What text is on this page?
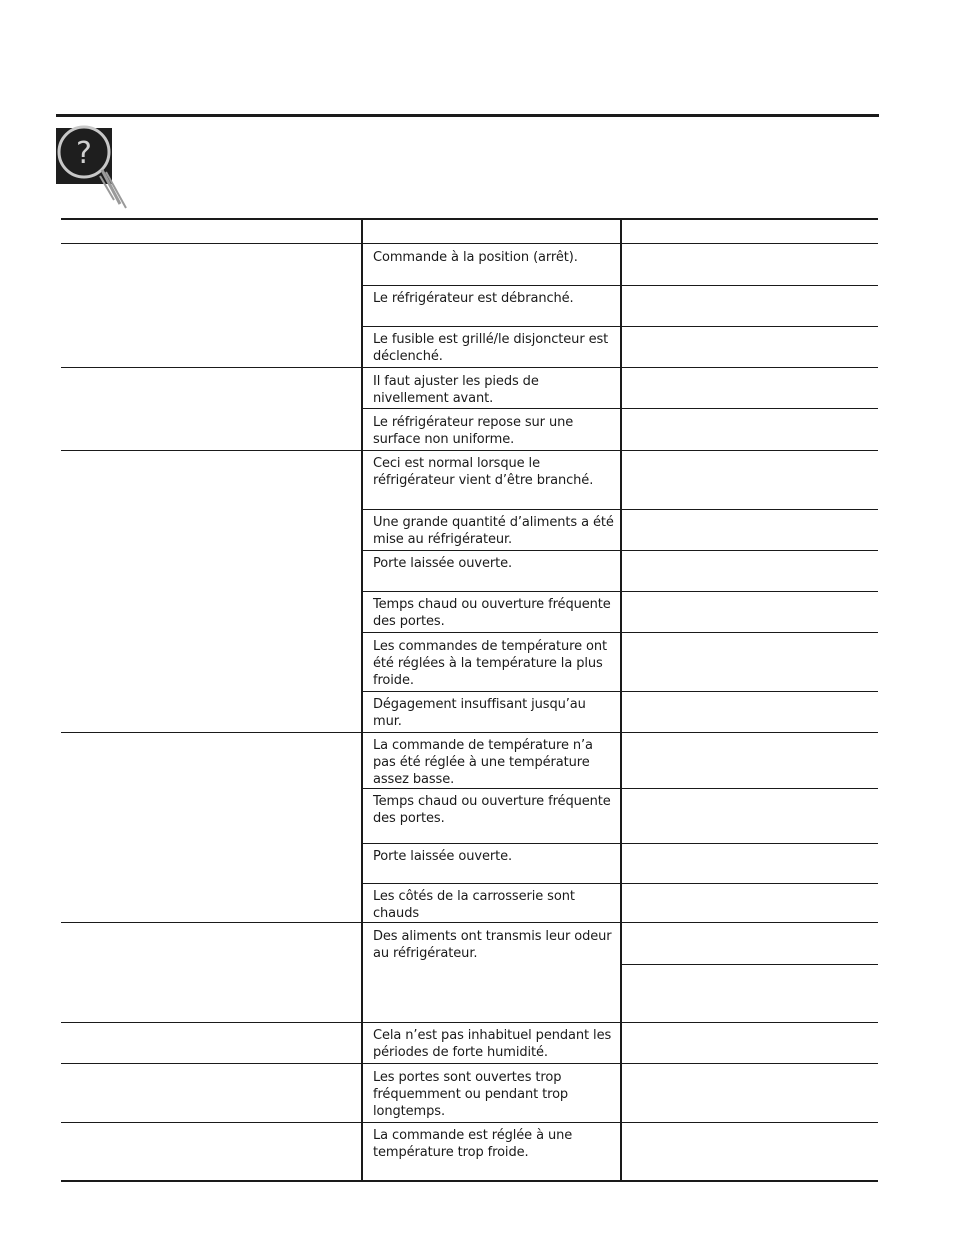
?
Commande à la position (arrêt).
Le réfrigérateur est débranché.
Le fusible est grillé/le disjoncteur est déclenché.
Il faut ajuster les pieds de nivellement avant.
Le réfrigérateur repose sur une surface non uniforme.
Ceci est normal lorsque le réfrigérateur vient d’être branché.
Une grande quantité d’aliments a été mise au réfrigérateur.
Porte laissée ouverte.
Temps chaud ou ouverture fréquente des portes.
Les commandes de température ont été réglées à la température la plus froide.
Dégagement insuffisant jusqu’au mur.
La commande de température n’a pas été réglée à une température assez basse.
Temps chaud ou ouverture fréquente des portes.
Porte laissée ouverte.
Les côtés de la carrosserie sont chauds
Des aliments ont transmis leur odeur au réfrigérateur.
Cela n’est pas inhabituel pendant les périodes de forte humidité.
Les portes sont ouvertes trop fréquemment ou pendant trop longtemps.
La commande est réglée à une température trop froide.
